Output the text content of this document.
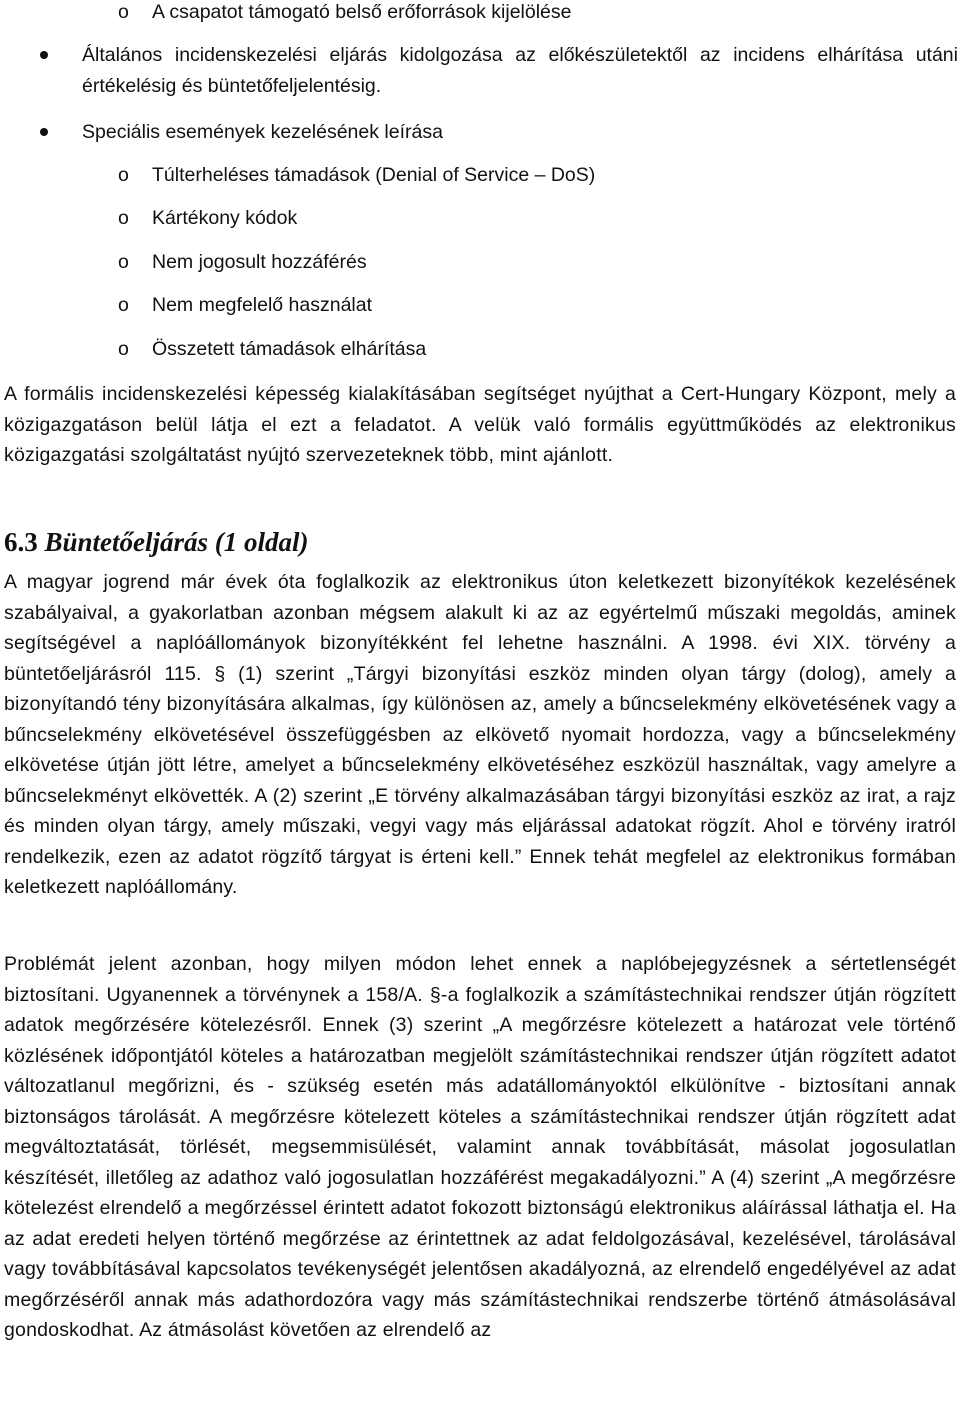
o A csapatot támogató belső erőforrások kijelölése
Általános incidenskezelési eljárás kidolgozása az előkészületektől az incidens elhárítása utáni értékelésig és büntetőfeljelentésig.
Speciális események kezelésének leírása
o Túlterheléses támadások (Denial of Service – DoS)
o Kártékony kódok
o Nem jogosult hozzáférés
o Nem megfelelő használat
o Összetett támadások elhárítása
A formális incidenskezelési képesség kialakításában segítséget nyújthat a Cert-Hungary Központ, mely a közigazgatáson belül látja el ezt a feladatot. A velük való formális együttműködés az elektronikus közigazgatási szolgáltatást nyújtó szervezeteknek több, mint ajánlott.
6.3 Büntetőeljárás (1 oldal)
A magyar jogrend már évek óta foglalkozik az elektronikus úton keletkezett bizonyítékok kezelésének szabályaival, a gyakorlatban azonban mégsem alakult ki az az egyértelmű műszaki megoldás, aminek segítségével a naplóállományok bizonyítékként fel lehetne használni. A 1998. évi XIX. törvény a büntetőeljárásról 115. § (1) szerint „Tárgyi bizonyítási eszköz minden olyan tárgy (dolog), amely a bizonyítandó tény bizonyítására alkalmas, így különösen az, amely a bűncselekmény elkövetésének vagy a bűncselekmény elkövetésével összefüggésben az elkövető nyomait hordozza, vagy a bűncselekmény elkövetése útján jött létre, amelyet a bűncselekmény elkövetéséhez eszközül használtak, vagy amelyre a bűncselekményt elkövették. A (2) szerint „E törvény alkalmazásában tárgyi bizonyítási eszköz az irat, a rajz és minden olyan tárgy, amely műszaki, vegyi vagy más eljárással adatokat rögzít. Ahol e törvény iratról rendelkezik, ezen az adatot rögzítő tárgyat is érteni kell.” Ennek tehát megfelel az elektronikus formában keletkezett naplóállomány.
Problémát jelent azonban, hogy milyen módon lehet ennek a naplóbejegyzésnek a sértetlenségét biztosítani. Ugyanennek a törvénynek a 158/A. §-a foglalkozik a számítástechnikai rendszer útján rögzített adatok megőrzésére kötelezésről. Ennek (3) szerint „A megőrzésre kötelezett a határozat vele történő közlésének időpontjától köteles a határozatban megjelölt számítástechnikai rendszer útján rögzített adatot változatlanul megőrizni, és - szükség esetén más adatállományoktól elkülönítve - biztosítani annak biztonságos tárolását. A megőrzésre kötelezett köteles a számítástechnikai rendszer útján rögzített adat megváltoztatását, törlését, megsemmisülését, valamint annak továbbítását, másolat jogosulatlan készítését, illetőleg az adathoz való jogosulatlan hozzáférést megakadályozni.” A (4) szerint „A megőrzésre kötelezést elrendelő a megőrzéssel érintett adatot fokozott biztonságú elektronikus aláírással láthatja el. Ha az adat eredeti helyen történő megőrzése az érintettnek az adat feldolgozásával, kezelésével, tárolásával vagy továbbításával kapcsolatos tevékenységét jelentősen akadályozná, az elrendelő engedélyével az adat megőrzéséről annak más adathordozóra vagy más számítástechnikai rendszerbe történő átmásolásával gondoskodhat. Az átmásolást követően az elrendelő az
